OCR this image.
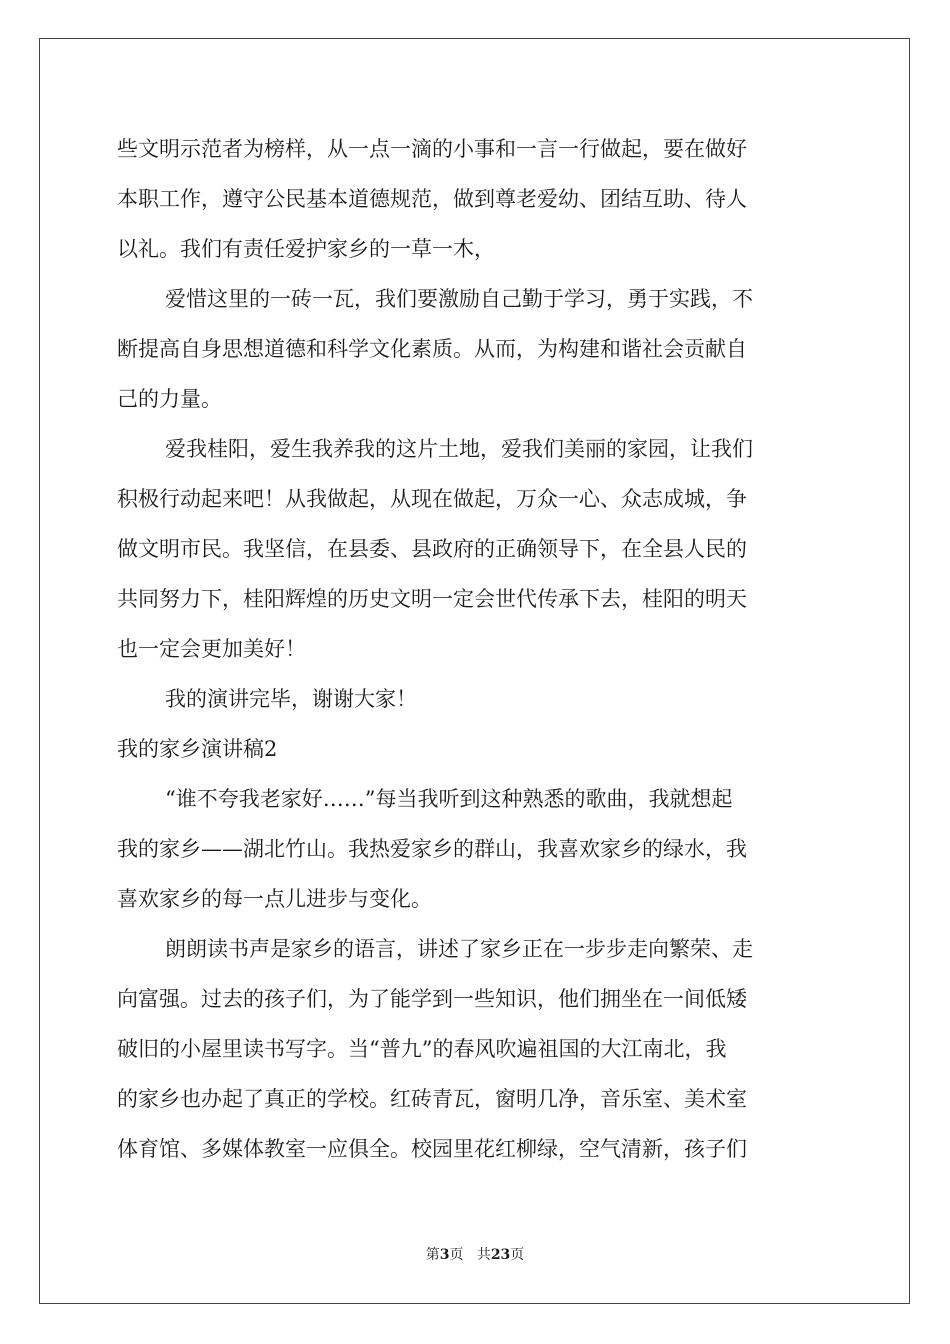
些文明示范者为榜样，从一点一滴的小事和一言一行做起，要在做好
本职工作，遵守公民基本道德规范，做到尊老爱幼、团结互助、待人
以礼。我们有责任爱护家乡的一草一木，
爱惜这里的一砖一瓦，我们要激励自己勤于学习，勇于实践，不
断提高自身思想道德和科学文化素质。从而，为构建和谐社会贡献自
己的力量。
爱我桂阳，爱生我养我的这片土地，爱我们美丽的家园，让我们
积极行动起来吧！从我做起，从现在做起，万众一心、众志成城，争
做文明市民。我坚信，在县委、县政府的正确领导下，在全县人民的
共同努力下，桂阳辉煌的历史文明一定会世代传承下去，桂阳的明天
也一定会更加美好！
我的演讲完毕，谢谢大家！
我的家乡演讲稿2
“谁不夸我老家好……”每当我听到这种熟悉的歌曲，我就想起
我的家乡——湖北竹山。我热爱家乡的群山，我喜欢家乡的绿水，我
喜欢家乡的每一点儿进步与变化。
朗朗读书声是家乡的语言，讲述了家乡正在一步步走向繁荣、走
向富强。过去的孩子们，为了能学到一些知识，他们拥坐在一间低矮
破旧的小屋里读书写字。当“普九”的春风吹遍祖国的大江南北，我
的家乡也办起了真正的学校。红砖青瓦，窗明几净，音乐室、美术室
体育馆、多媒体教室一应俱全。校园里花红柳绿，空气清新，孩子们
第3页 共23页
